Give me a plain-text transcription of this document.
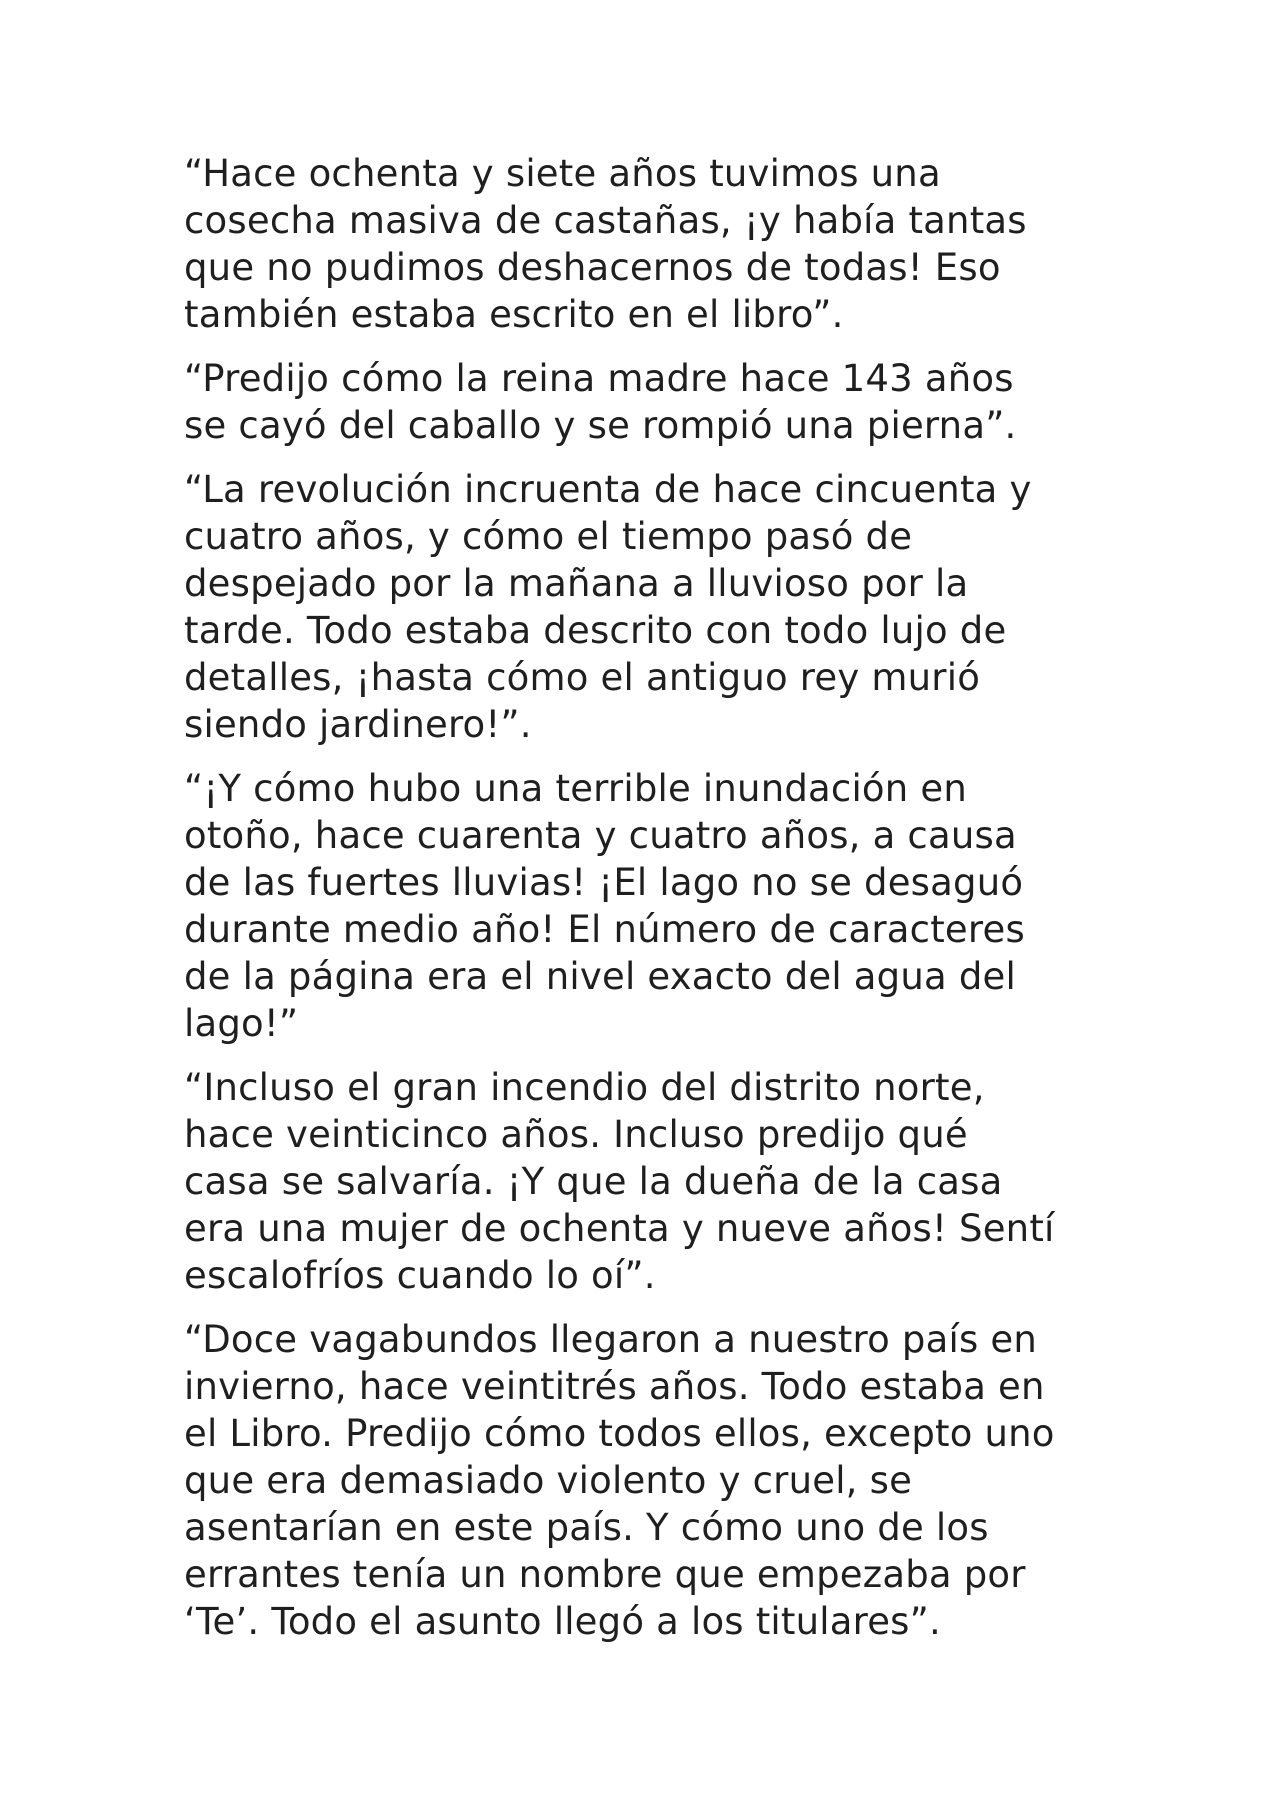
“Hace ochenta y siete años tuvimos una
cosecha masiva de castañas, ¡y había tantas
que no pudimos deshacernos de todas! Eso
también estaba escrito en el libro”.

“Predijo cómo la reina madre hace 143 años
se cayó del caballo y se rompió una pierna”.

“La revolución incruenta de hace cincuenta y
cuatro años, y cómo el tiempo pasó de
despejado por la mañana a lluvioso por la
tarde. Todo estaba descrito con todo lujo de
detalles, ¡hasta cómo el antiguo rey murió
siendo jardinero!”.

“¡Y cómo hubo una terrible inundación en
otoño, hace cuarenta y cuatro años, a causa
de las fuertes lluvias! ¡El lago no se desaguó
durante medio año! El número de caracteres
de la página era el nivel exacto del agua del
lago!”

“Incluso el gran incendio del distrito norte,
hace veinticinco años. Incluso predijo qué
casa se salvaría. ¡Y que la dueña de la casa
era una mujer de ochenta y nueve años! Sentí
escalofríos cuando lo oí”.

“Doce vagabundos llegaron a nuestro país en
invierno, hace veintitrés años. Todo estaba en
el Libro. Predijo cómo todos ellos, excepto uno
que era demasiado violento y cruel, se
asentarían en este país. Y cómo uno de los
errantes tenía un nombre que empezaba por
‘Te’. Todo el asunto llegó a los titulares”.
